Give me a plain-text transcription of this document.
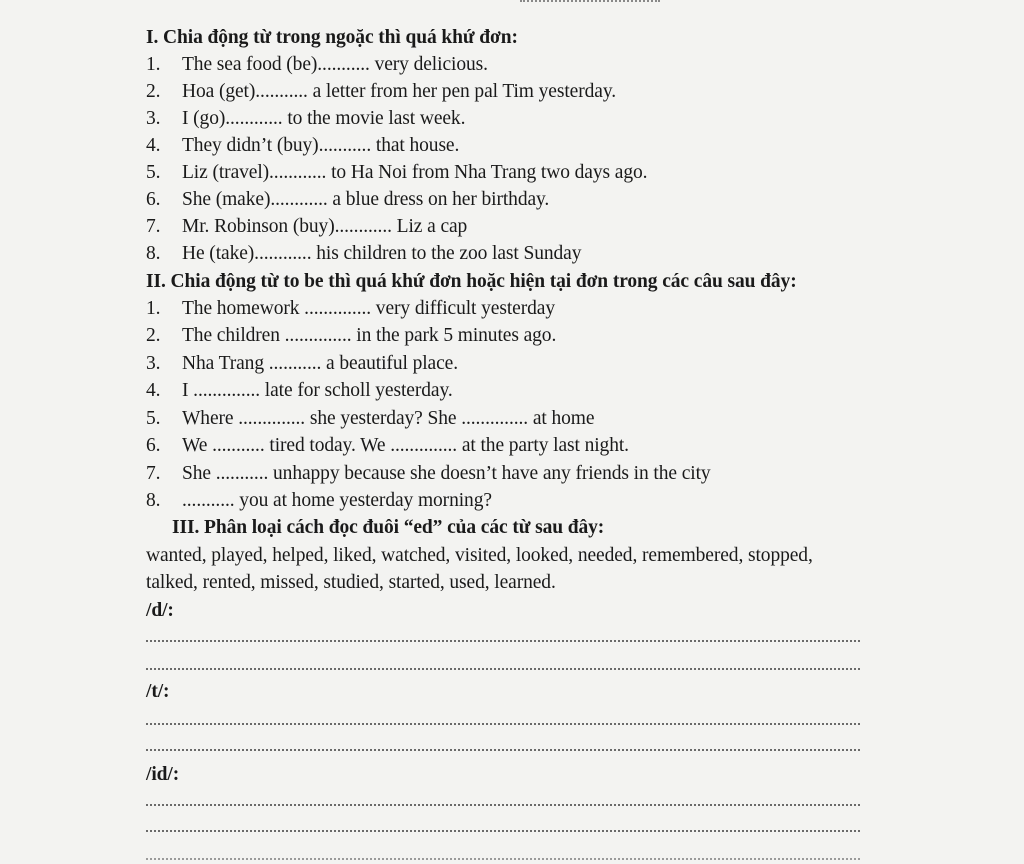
I. Chia động từ trong ngoặc thì quá khứ đơn:
1. The sea food (be)........... very delicious.
2. Hoa (get)........... a letter from her pen pal Tim yesterday.
3. I (go)............ to the movie last week.
4. They didn’t (buy)........... that house.
5. Liz (travel)............ to Ha Noi from Nha Trang two days ago.
6. She (make)............ a blue dress on her birthday.
7. Mr. Robinson (buy)............ Liz a cap
8. He (take)............ his children to the zoo last Sunday
II. Chia động từ to be thì quá khứ đơn hoặc hiện tại đơn trong các câu sau đây:
1. The homework .............. very difficult yesterday
2. The children .............. in the park 5 minutes ago.
3. Nha Trang ........... a beautiful place.
4. I .............. late for scholl yesterday.
5. Where .............. she yesterday? She .............. at home
6. We ........... tired today. We .............. at the party last night.
7. She ........... unhappy because she doesn’t have any friends in the city
8. ........... you at home yesterday morning?
III. Phân loại cách đọc đuôi “ed” của các từ sau đây:
wanted, played, helped, liked, watched, visited, looked, needed, remembered, stopped,
talked, rented, missed, studied, started, used, learned.
/d/:
/t/:
/id/:
